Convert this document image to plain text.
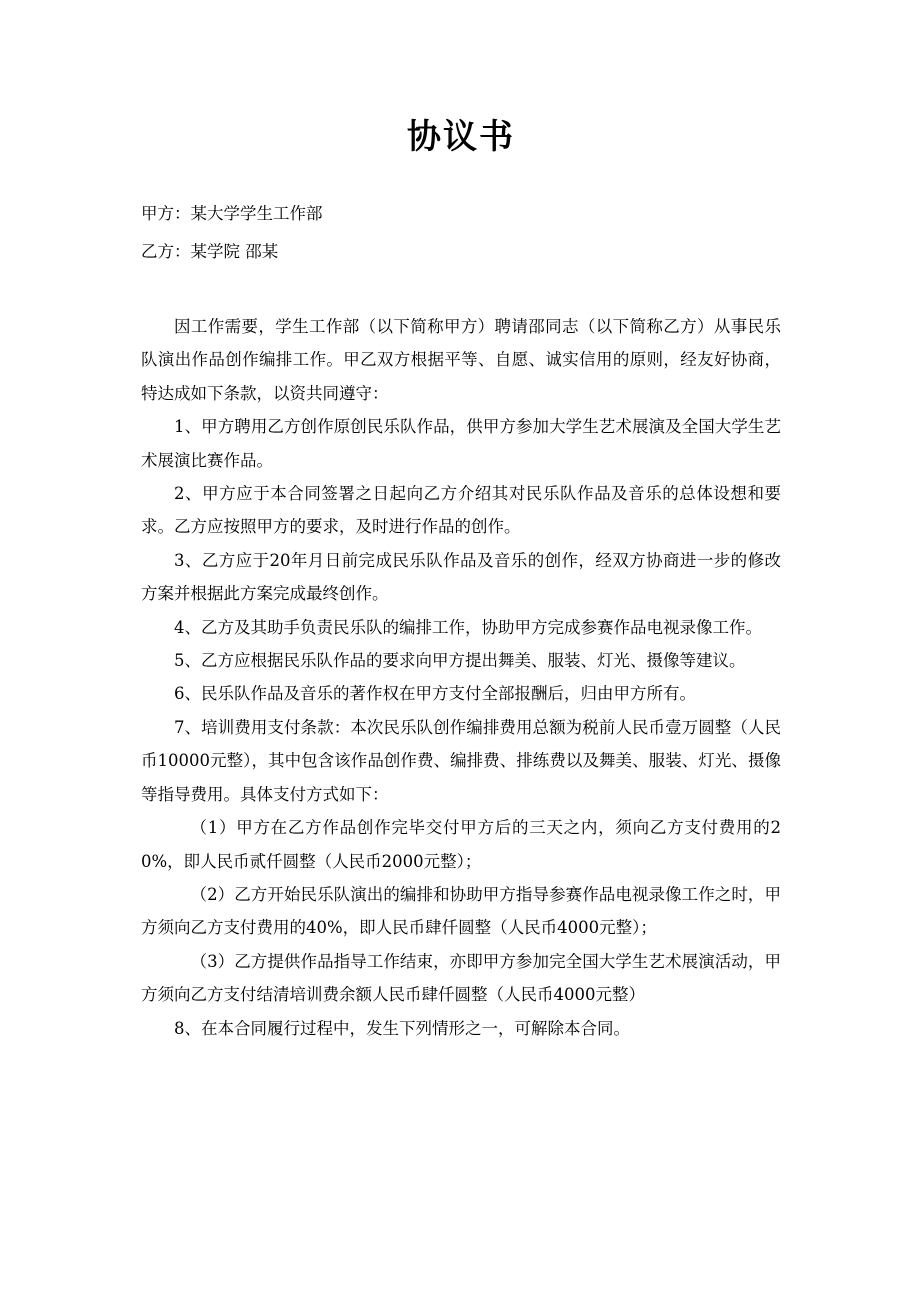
协议书

甲方：某大学学生工作部

乙方：某学院 邵某

因工作需要，学生工作部（以下简称甲方）聘请邵同志（以下简称乙方）从事民乐队演出作品创作编排工作。甲乙双方根据平等、自愿、诚实信用的原则，经友好协商，特达成如下条款，以资共同遵守：

1、甲方聘用乙方创作原创民乐队作品，供甲方参加大学生艺术展演及全国大学生艺术展演比赛作品。

2、甲方应于本合同签署之日起向乙方介绍其对民乐队作品及音乐的总体设想和要求。乙方应按照甲方的要求，及时进行作品的创作。

3、乙方应于20年月日前完成民乐队作品及音乐的创作，经双方协商进一步的修改方案并根据此方案完成最终创作。

4、乙方及其助手负责民乐队的编排工作，协助甲方完成参赛作品电视录像工作。

5、乙方应根据民乐队作品的要求向甲方提出舞美、服装、灯光、摄像等建议。

6、民乐队作品及音乐的著作权在甲方支付全部报酬后，归由甲方所有。

7、培训费用支付条款：本次民乐队创作编排费用总额为税前人民币壹万圆整（人民币10000元整），其中包含该作品创作费、编排费、排练费以及舞美、服装、灯光、摄像等指导费用。具体支付方式如下：

（1）甲方在乙方作品创作完毕交付甲方后的三天之内，须向乙方支付费用的20%，即人民币贰仟圆整（人民币2000元整）；

（2）乙方开始民乐队演出的编排和协助甲方指导参赛作品电视录像工作之时，甲方须向乙方支付费用的40%，即人民币肆仟圆整（人民币4000元整）；

（3）乙方提供作品指导工作结束，亦即甲方参加完全国大学生艺术展演活动，甲方须向乙方支付结清培训费余额人民币肆仟圆整（人民币4000元整）

8、在本合同履行过程中，发生下列情形之一，可解除本合同。
